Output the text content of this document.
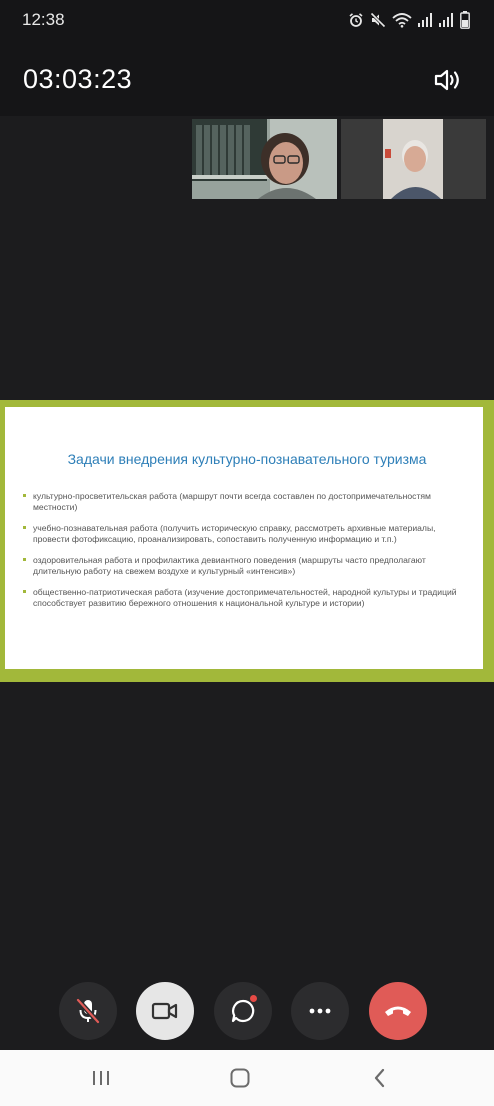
12:38
03:03:23
Задачи внедрения культурно-познавательного туризма
культурно-просветительская работа (маршрут почти всегда составлен по достопримечательностям местности)
учебно-познавательная работа (получить историческую справку, рассмотреть архивные материалы, провести фотофиксацию, проанализировать, сопоставить полученную информацию и т.п.)
оздоровительная работа и профилактика девиантного поведения (маршруты часто предполагают длительную работу на свежем воздухе и культурный «интенсив»)
общественно-патриотическая работа (изучение достопримечательностей, народной культуры и традиций способствует развитию бережного отношения к национальной культуре и истории)
